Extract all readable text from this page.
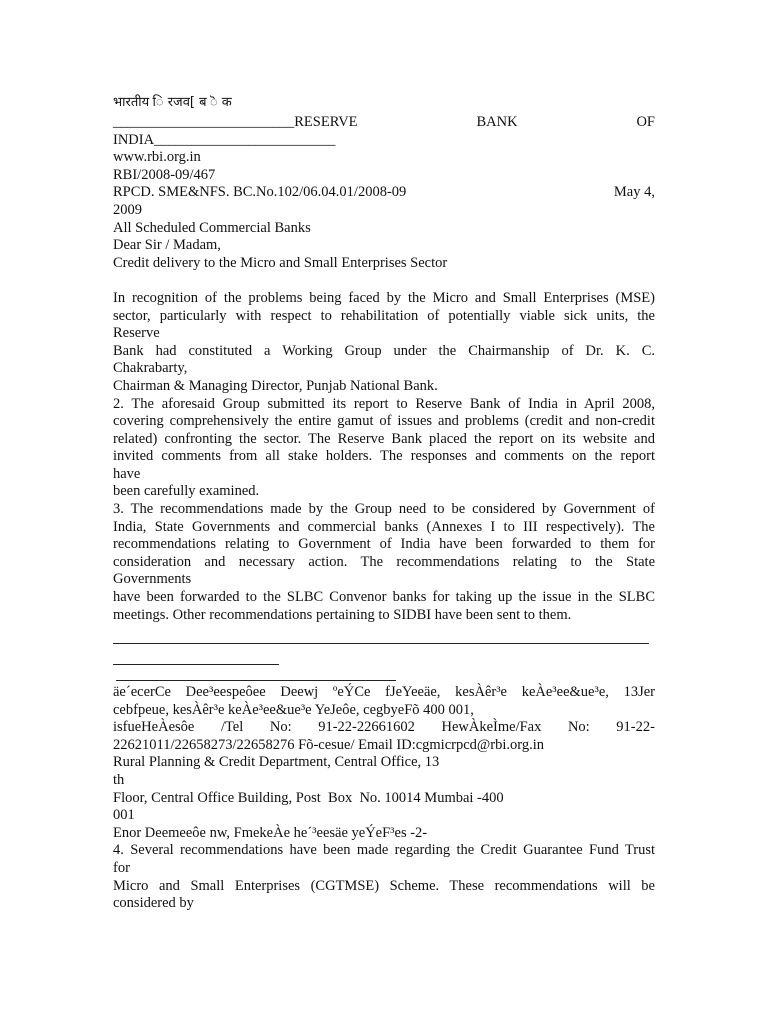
भारतीय ि रजव[ ब ॆ क
_________________________RESERVE	BANK	OF
INDIA_________________________
www.rbi.org.in
RBI/2008-09/467
RPCD. SME&NFS. BC.No.102/06.04.01/2008-09	May 4,
2009
All Scheduled Commercial Banks
Dear Sir / Madam,
Credit delivery to the Micro and Small Enterprises Sector
In recognition of the problems being faced by the Micro and Small Enterprises (MSE)
sector, particularly with respect to rehabilitation of potentially viable sick units, the
Reserve
Bank had constituted a Working Group under the Chairmanship of Dr. K. C.
Chakrabarty,
Chairman & Managing Director, Punjab National Bank.
2. The aforesaid Group submitted its report to Reserve Bank of India in April 2008,
covering comprehensively the entire gamut of issues and problems (credit and non-credit
related) confronting the sector. The Reserve Bank placed the report on its website and
invited comments from all stake holders. The responses and comments on the report
have
been carefully examined.
3. The recommendations made by the Group need to be considered by Government of
India, State Governments and commercial banks (Annexes I to III respectively). The
recommendations relating to Government of India have been forwarded to them for
consideration and necessary action. The recommendations relating to the State
Governments
have been forwarded to the SLBC Convenor banks for taking up the issue in the SLBC
meetings. Other recommendations pertaining to SIDBI have been sent to them.
äe´ecerCe Dee³eespeôee Deewj ºeÝCe fJeYeeäe, kesÀêr³e keÀe³ee&ue³e, 13Jer
cebfpeue, kesÀêr³e keÀe³ee&ue³e YeJeôe, cegbyeFõ 400 001,
isfueHeÀesôe /Tel No: 91-22-22661602 HewÀkeÌme/Fax No: 91-22-
22621011/22658273/22658276 Fõ-cesue/ Email ID:cgmicrpcd@rbi.org.in
Rural Planning & Credit Department, Central Office, 13
th
Floor, Central Office Building, Post  Box  No. 10014 Mumbai -400
001
Enor Deemeeôe nw, FmekeÀe he´³eesäe yeÝeF³es -2-
4. Several recommendations have been made regarding the Credit Guarantee Fund Trust
for
Micro and Small Enterprises (CGTMSE) Scheme. These recommendations will be
considered by
